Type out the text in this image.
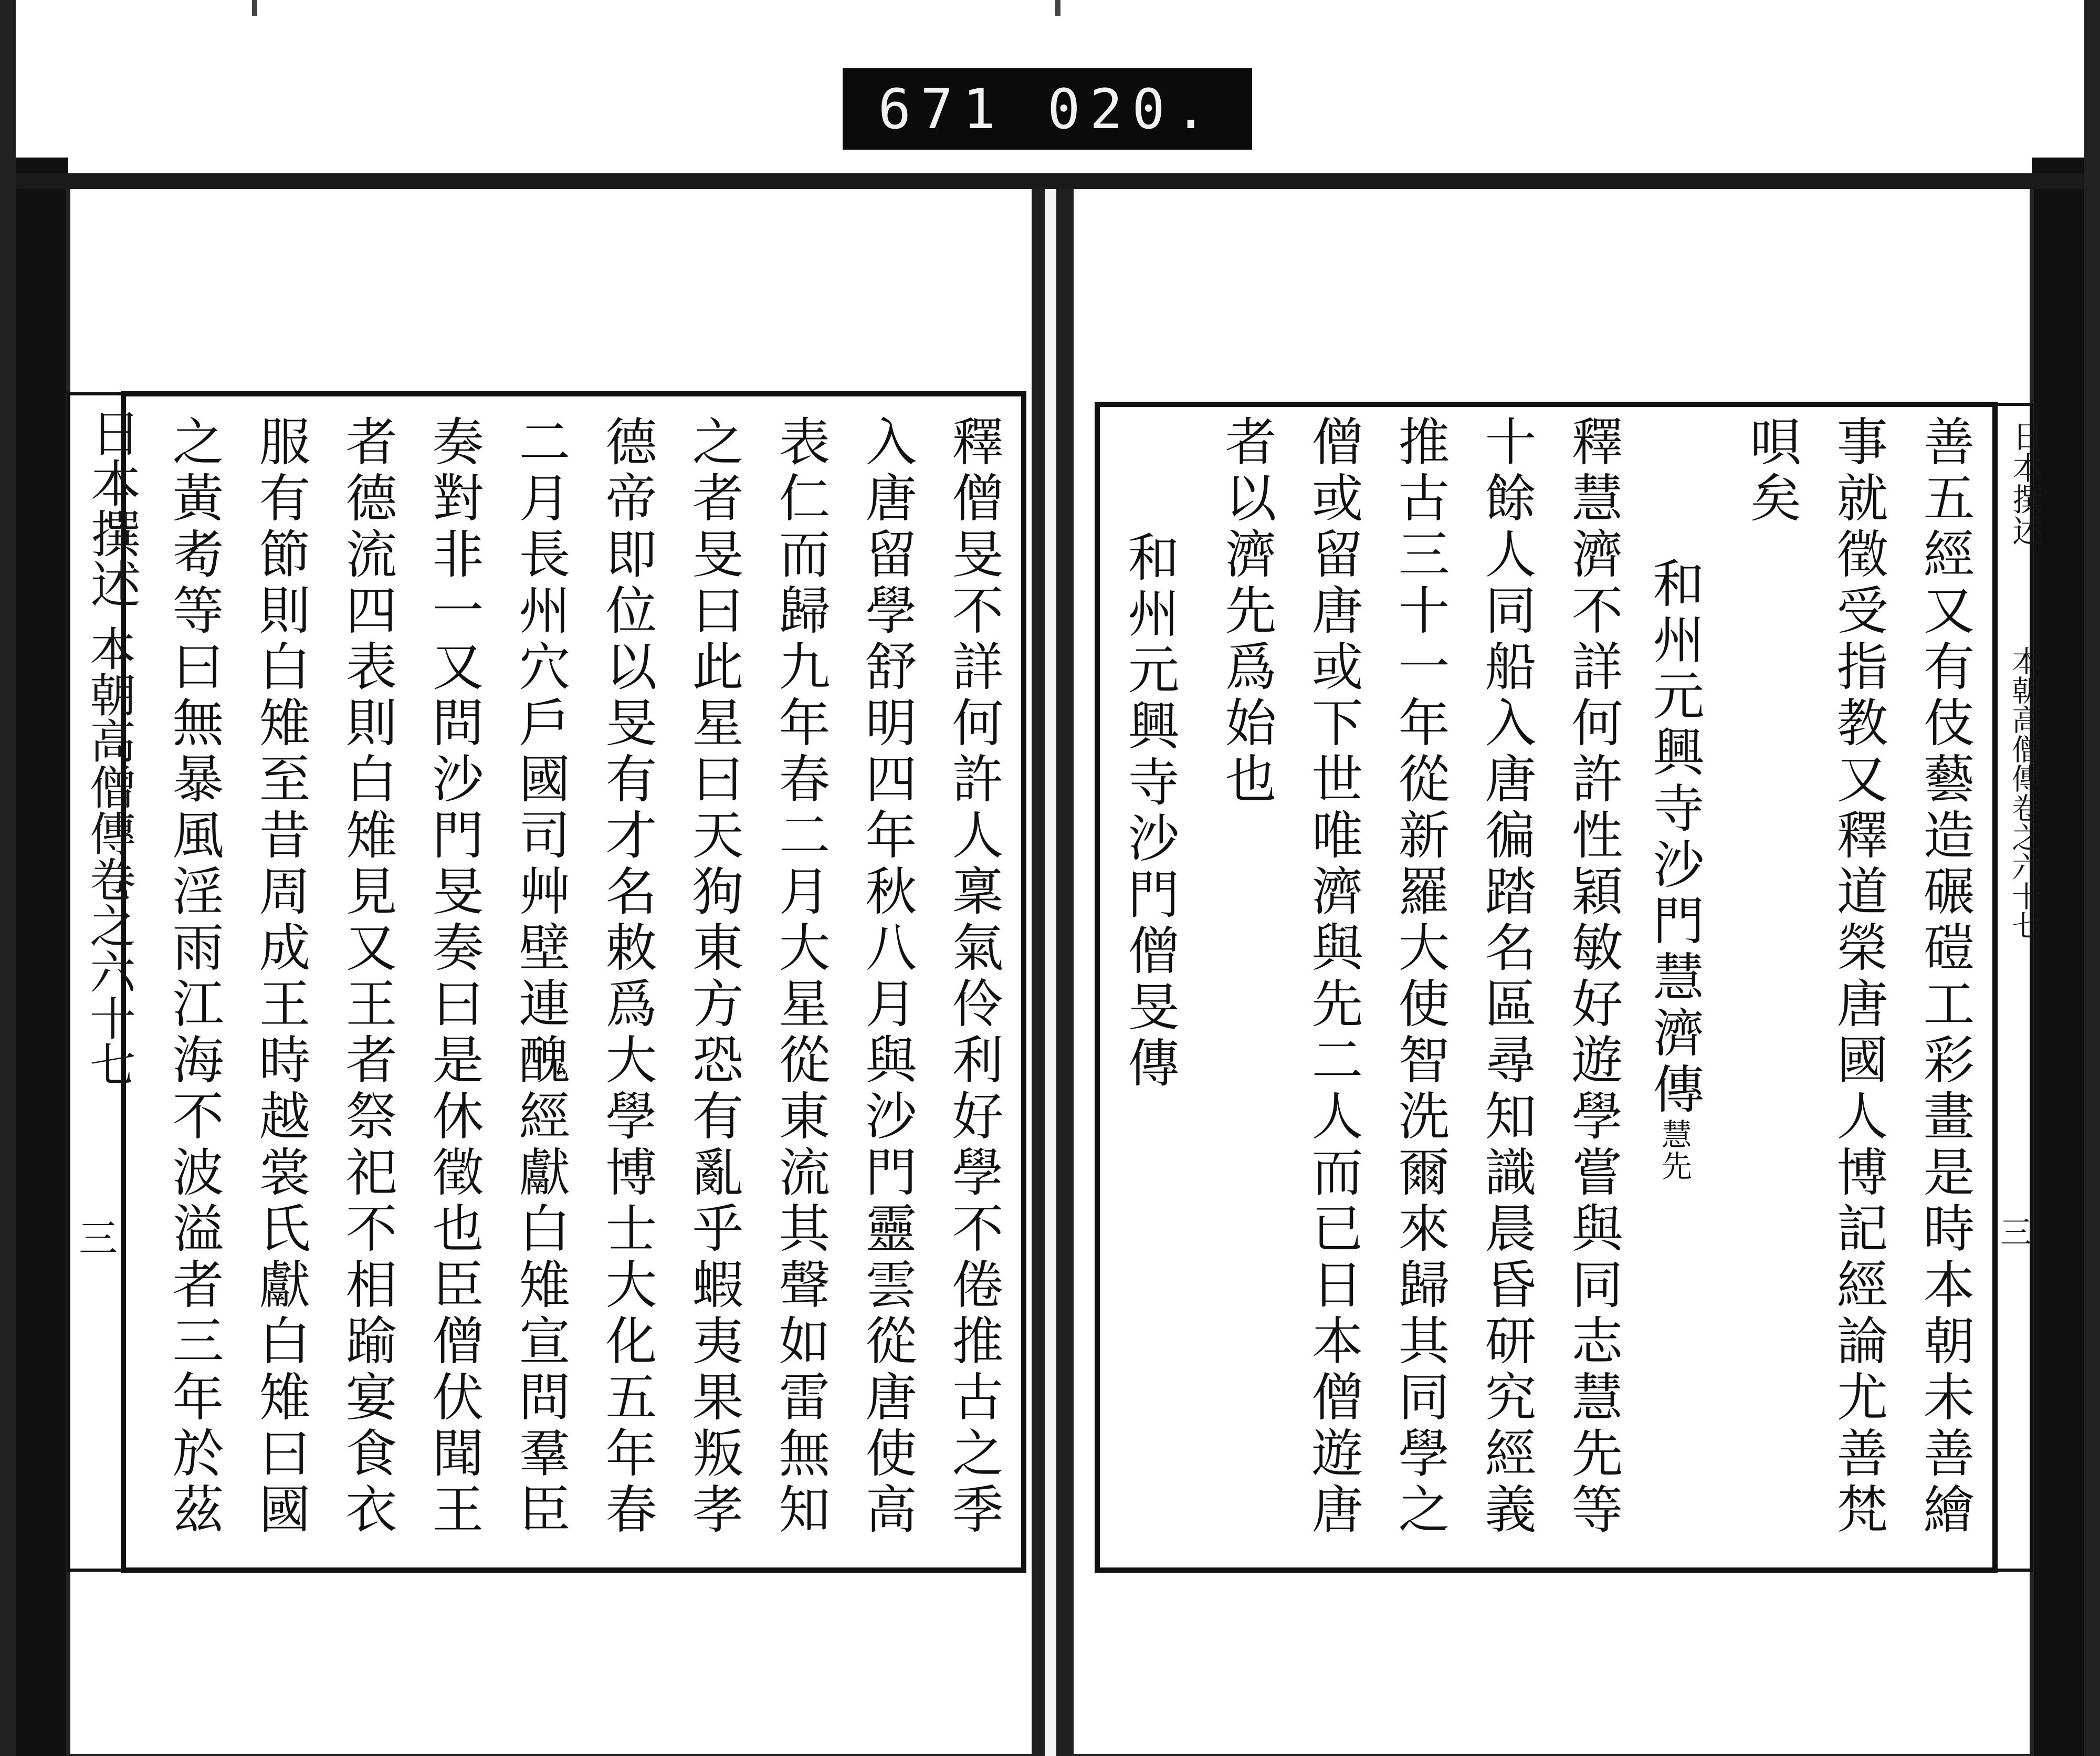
671 020.
日本撰述
本朝高僧傳卷之六十七
三	釋僧旻不詳何許人稟氣伶利好學不倦推古之季
入唐留學舒明四年秋八月與沙門靈雲從唐使高
表仁而歸九年春二月大星從東流其聲如雷無知
之者旻曰此星曰天狗東方恐有亂乎蝦夷果叛孝
德帝即位以旻有才名敕爲大學博士大化五年春
二月長州穴戶國司艸壁連醜經獻白雉宣問羣臣
奏對非一又問沙門旻奏曰是休徵也臣僧伏聞王
者德流四表則白雉見又王者祭祀不相踰宴食衣
服有節則白雉至昔周成王時越裳氏獻白雉曰國
之黃耇等曰無暴風淫雨江海不波溢者三年於茲	日本撰述
本朝高僧傳卷之六十七
三
善五經又有伎藝造碾磑工彩畫是時本朝未善繪
事就徵受指教又釋道榮唐國人博記經論尤善梵
唄矣
和州元興寺沙門慧濟傳慧先
釋慧濟不詳何許性穎敏好遊學嘗與同志慧先等
十餘人同船入唐徧踏名區尋知識晨昏研究經義
推古三十一年從新羅大使智洗爾來歸其同學之
僧或留唐或下世唯濟與先二人而已日本僧遊唐
者以濟先爲始也
和州元興寺沙門僧旻傳
